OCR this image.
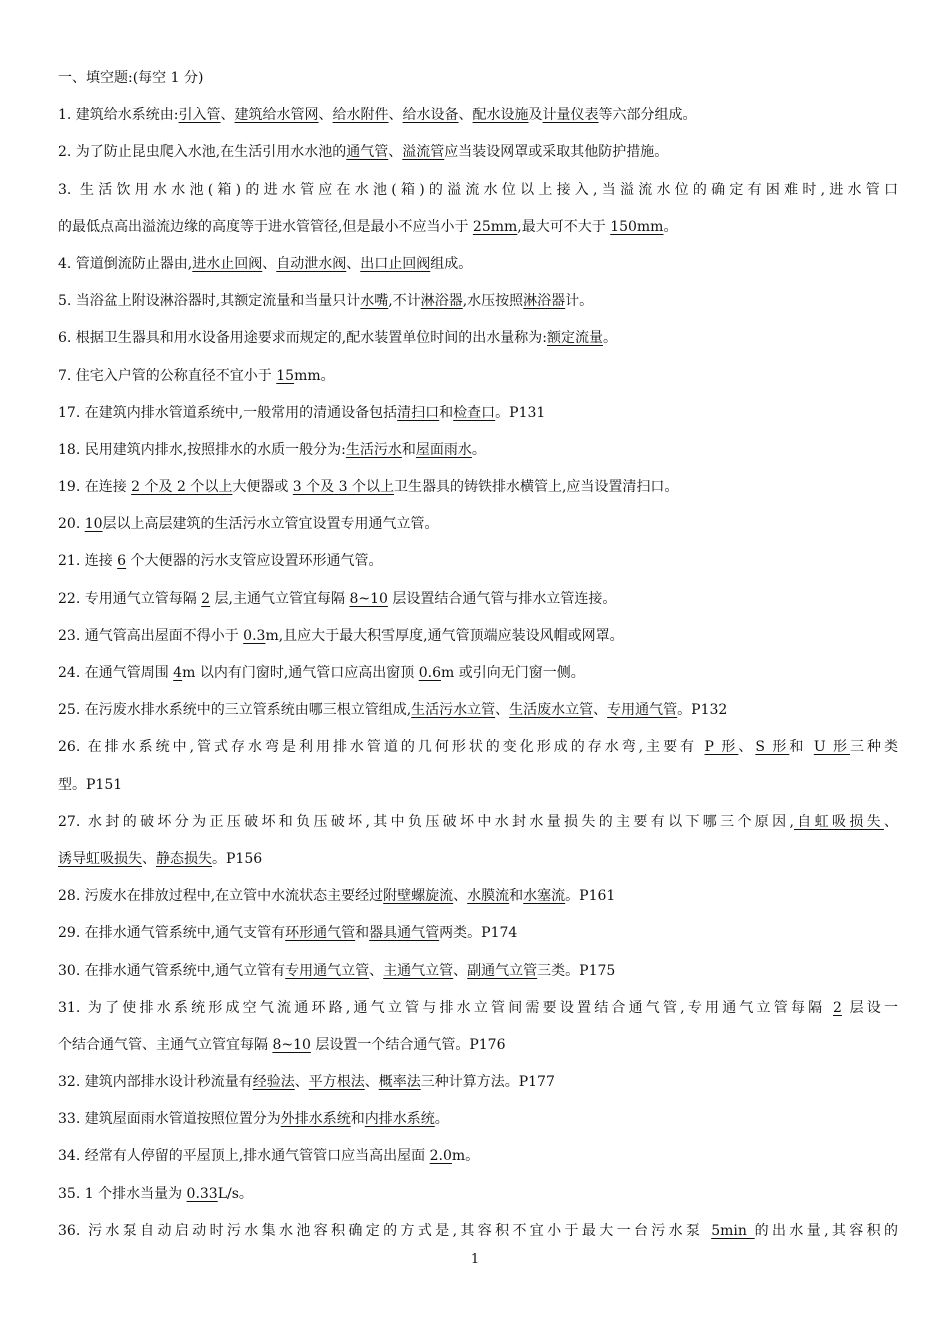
一、填空题:(每空 1 分)
1. 建筑给水系统由:引入管、建筑给水管网、给水附件、给水设备、配水设施及计量仪表等六部分组成。
2. 为了防止昆虫爬入水池,在生活引用水水池的通气管、溢流管应当装设网罩或采取其他防护措施。
3. 生活饮用水水池(箱)的进水管应在水池(箱)的溢流水位以上接入,当溢流水位的确定有困难时,进水管口
的最低点高出溢流边缘的高度等于进水管管径,但是最小不应当小于 25mm,最大可不大于 150mm。
4. 管道倒流防止器由,进水止回阀、自动泄水阀、出口止回阀组成。
5. 当浴盆上附设淋浴器时,其额定流量和当量只计水嘴,不计淋浴器,水压按照淋浴器计。
6. 根据卫生器具和用水设备用途要求而规定的,配水装置单位时间的出水量称为:额定流量。
7. 住宅入户管的公称直径不宜小于 15mm。
17. 在建筑内排水管道系统中,一般常用的清通设备包括清扫口和检查口。P131
18. 民用建筑内排水,按照排水的水质一般分为:生活污水和屋面雨水。
19. 在连接 2 个及 2 个以上大便器或 3 个及 3 个以上卫生器具的铸铁排水横管上,应当设置清扫口。
20. 10层以上高层建筑的生活污水立管宜设置专用通气立管。
21. 连接 6 个大便器的污水支管应设置环形通气管。
22. 专用通气立管每隔 2 层,主通气立管宜每隔 8~10 层设置结合通气管与排水立管连接。
23. 通气管高出屋面不得小于 0.3m,且应大于最大积雪厚度,通气管顶端应装设风帽或网罩。
24. 在通气管周围 4m 以内有门窗时,通气管口应高出窗顶 0.6m 或引向无门窗一侧。
25. 在污废水排水系统中的三立管系统由哪三根立管组成,生活污水立管、生活废水立管、专用通气管。P132
26. 在排水系统中,管式存水弯是利用排水管道的几何形状的变化形成的存水弯,主要有 P 形、S 形和 U 形三种类
型。P151
27. 水封的破坏分为正压破坏和负压破坏,其中负压破坏中水封水量损失的主要有以下哪三个原因,自虹吸损失、
诱导虹吸损失、静态损失。P156
28. 污废水在排放过程中,在立管中水流状态主要经过附壁螺旋流、水膜流和水塞流。P161
29. 在排水通气管系统中,通气支管有环形通气管和器具通气管两类。P174
30. 在排水通气管系统中,通气立管有专用通气立管、主通气立管、副通气立管三类。P175
31. 为了使排水系统形成空气流通环路,通气立管与排水立管间需要设置结合通气管,专用通气立管每隔 2 层设一
个结合通气管、主通气立管宜每隔 8~10 层设置一个结合通气管。P176
32. 建筑内部排水设计秒流量有经验法、平方根法、概率法三种计算方法。P177
33. 建筑屋面雨水管道按照位置分为外排水系统和内排水系统。
34. 经常有人停留的平屋顶上,排水通气管管口应当高出屋面 2.0m。
35. 1 个排水当量为 0.33L/s。
36. 污水泵自动启动时污水集水池容积确定的方式是,其容积不宜小于最大一台污水泵 5min 的出水量,其容积的
1
